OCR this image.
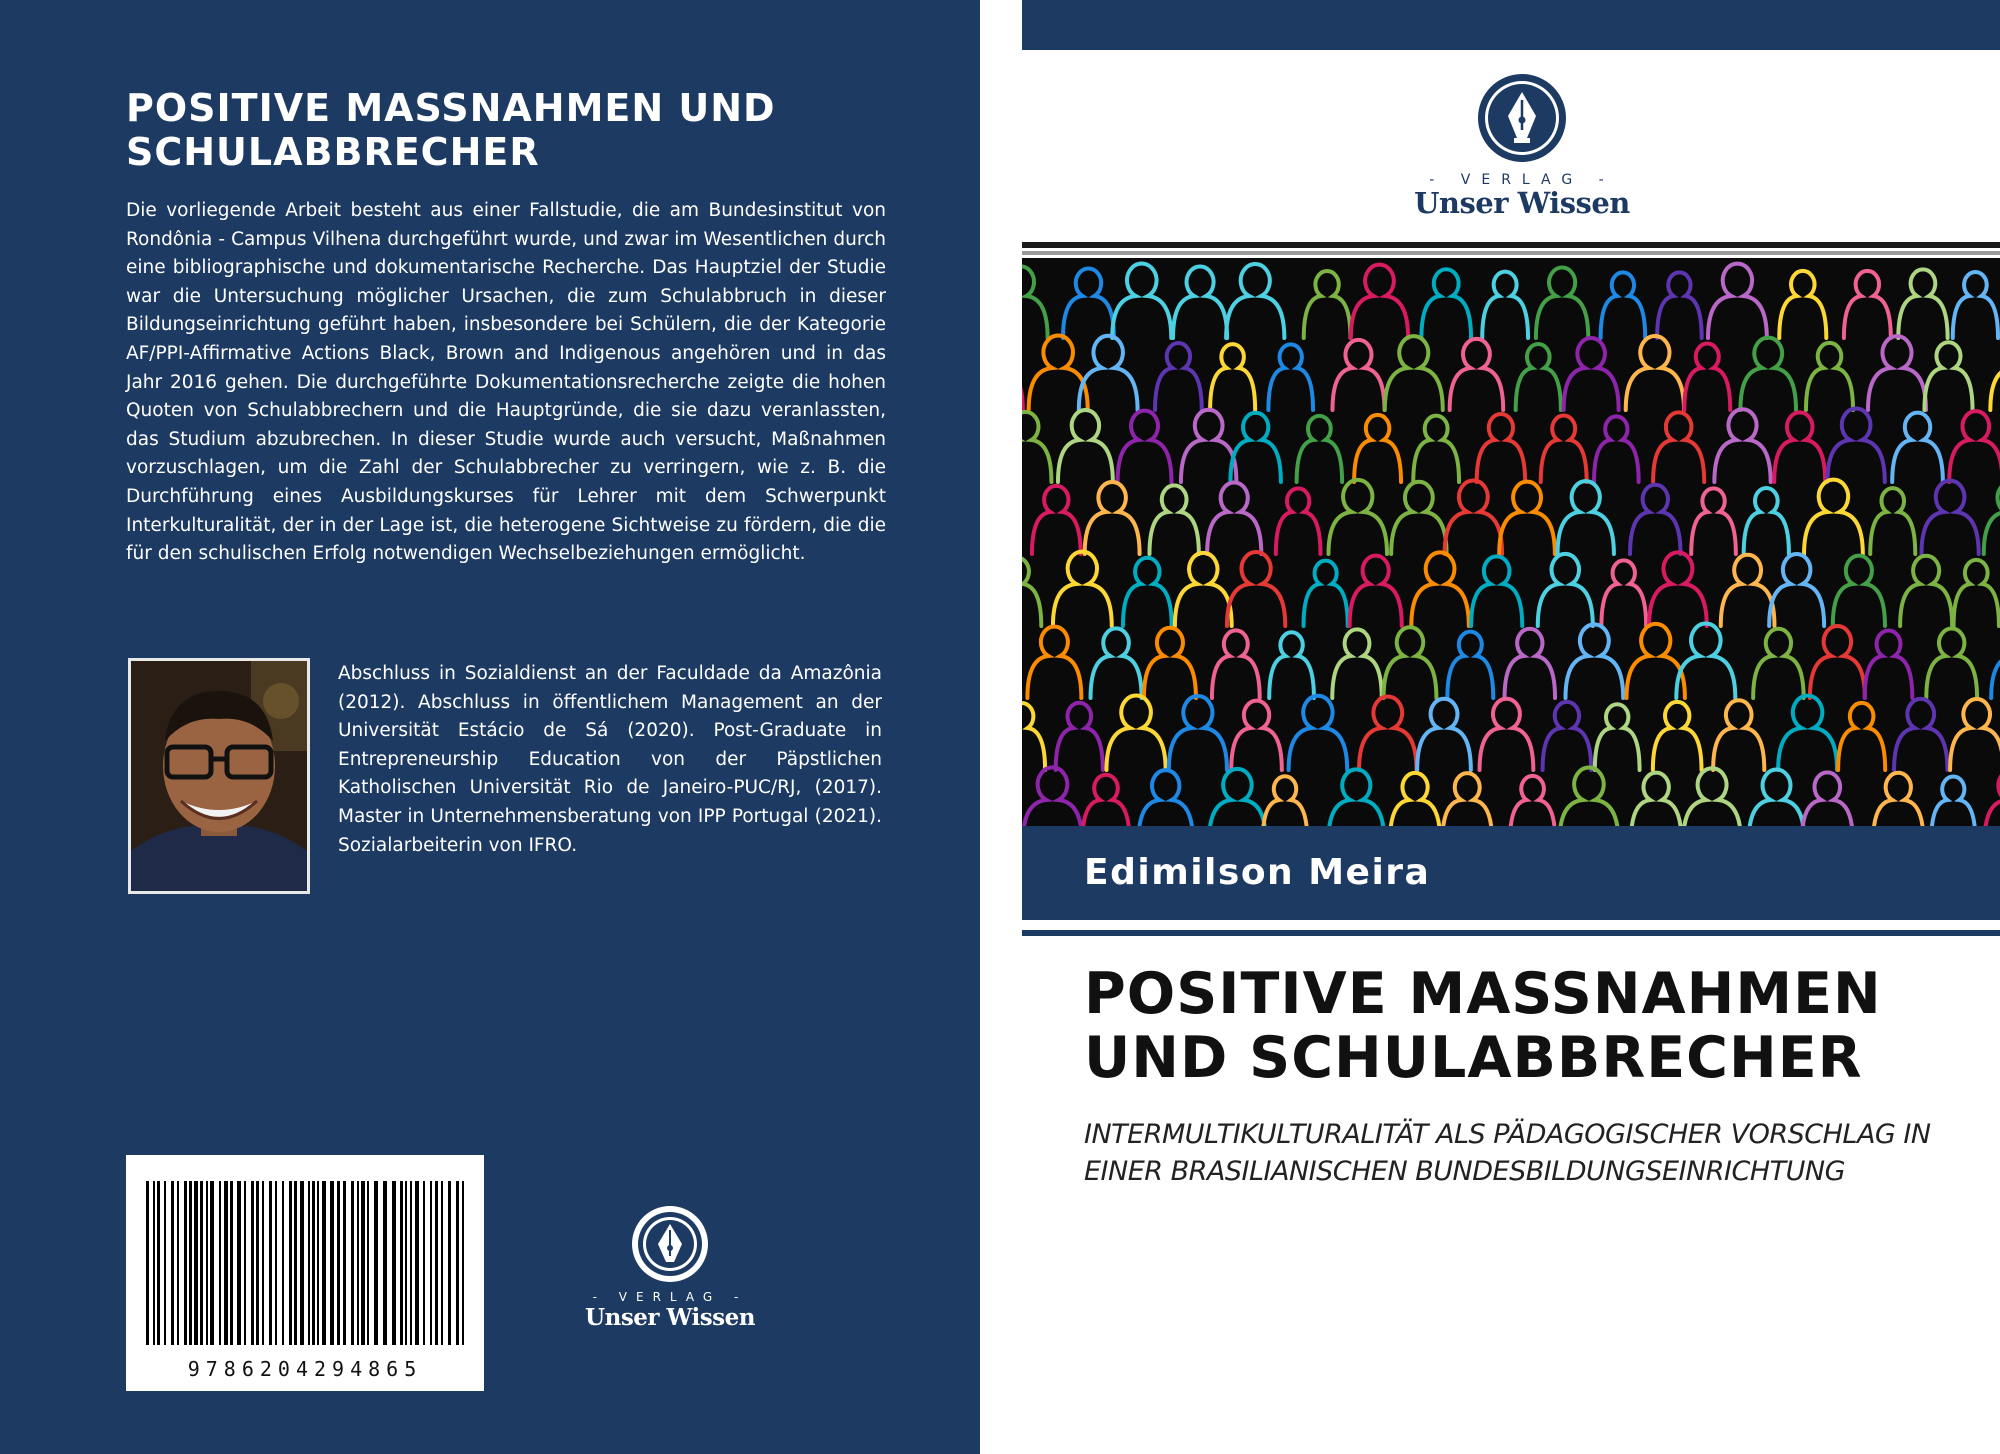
POSITIVE MASSNAHMEN UND SCHULABBRECHER

Die vorliegende Arbeit besteht aus einer Fallstudie, die am Bundesinstitut von Rondônia - Campus Vilhena durchgeführt wurde, und zwar im Wesentlichen durch eine bibliographische und dokumentarische Recherche. Das Hauptziel der Studie war die Untersuchung möglicher Ursachen, die zum Schulabbruch in dieser Bildungseinrichtung geführt haben, insbesondere bei Schülern, die der Kategorie AF/PPI-Affirmative Actions Black, Brown and Indigenous angehören und in das Jahr 2016 gehen. Die durchgeführte Dokumentationsrecherche zeigte die hohen Quoten von Schulabbrechern und die Hauptgründe, die sie dazu veranlassten, das Studium abzubrechen. In dieser Studie wurde auch versucht, Maßnahmen vorzuschlagen, um die Zahl der Schulabbrecher zu verringern, wie z. B. die Durchführung eines Ausbildungskurses für Lehrer mit dem Schwerpunkt Interkulturalität, der in der Lage ist, die heterogene Sichtweise zu fördern, die die für den schulischen Erfolg notwendigen Wechselbeziehungen ermöglicht.

Abschluss in Sozialdienst an der Faculdade da Amazônia (2012). Abschluss in öffentlichem Management an der Universität Estácio de Sá (2020). Post-Graduate in Entrepreneurship Education von der Päpstlichen Katholischen Universität Rio de Janeiro-PUC/RJ, (2017). Master in Unternehmensberatung von IPP Portugal (2021). Sozialarbeiterin von IFRO.

9786204294865
- VERLAG -
Unser Wissen
- VERLAG -
Unser Wissen
Edimilson Meira
POSITIVE MASSNAHMEN UND SCHULABBRECHER

INTERMULTIKULTURALITÄT ALS PÄDAGOGISCHER VORSCHLAG IN EINER BRASILIANISCHEN BUNDESBILDUNGSEINRICHTUNG
